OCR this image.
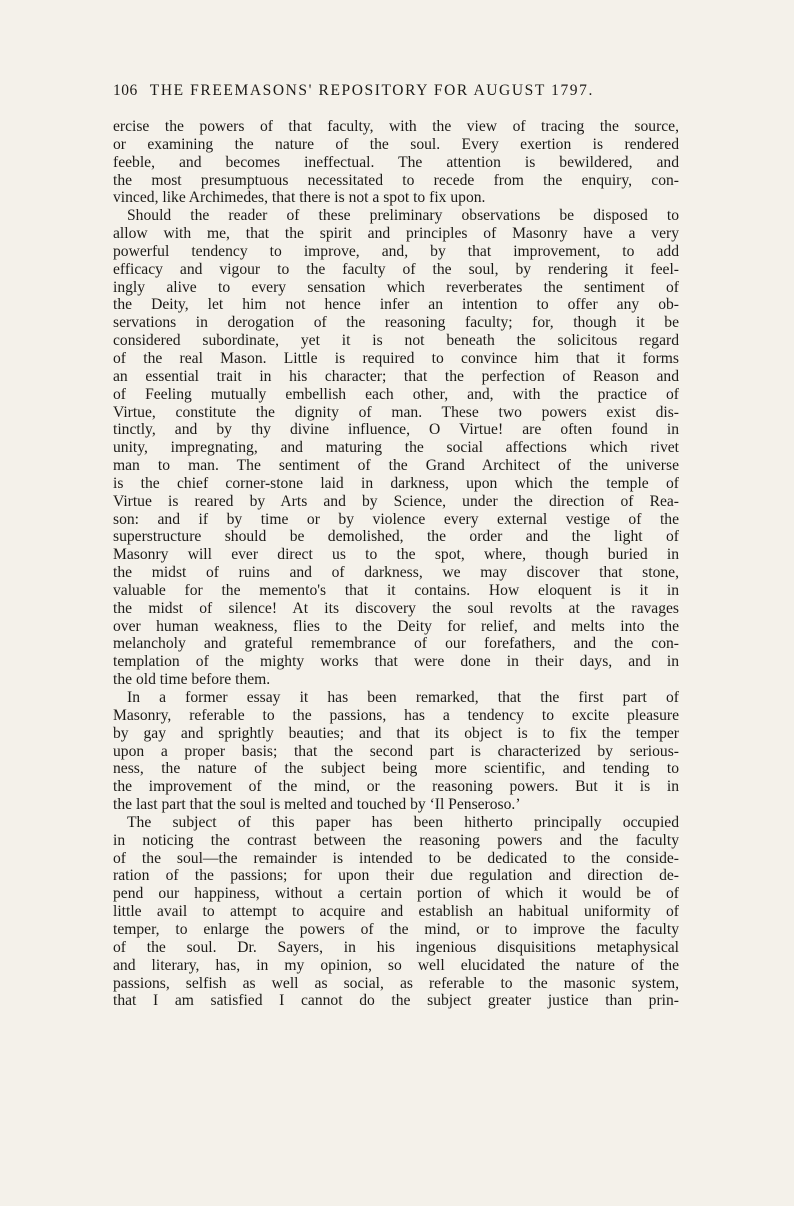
106 THE FREEMASONS' REPOSITORY FOR AUGUST 1797.
ercise the powers of that faculty, with the view of tracing the source,
or examining the nature of the soul. Every exertion is rendered
feeble, and becomes ineffectual. The attention is bewildered, and
the most presumptuous necessitated to recede from the enquiry, con-
vinced, like Archimedes, that there is not a spot to fix upon.
Should the reader of these preliminary observations be disposed to
allow with me, that the spirit and principles of Masonry have a very
powerful tendency to improve, and, by that improvement, to add
efficacy and vigour to the faculty of the soul, by rendering it feel-
ingly alive to every sensation which reverberates the sentiment of
the Deity, let him not hence infer an intention to offer any ob-
servations in derogation of the reasoning faculty; for, though it be
considered subordinate, yet it is not beneath the solicitous regard
of the real Mason. Little is required to convince him that it forms
an essential trait in his character; that the perfection of Reason and
of Feeling mutually embellish each other, and, with the practice of
Virtue, constitute the dignity of man. These two powers exist dis-
tinctly, and by thy divine influence, O Virtue! are often found in
unity, impregnating, and maturing the social affections which rivet
man to man. The sentiment of the Grand Architect of the universe
is the chief corner-stone laid in darkness, upon which the temple of
Virtue is reared by Arts and by Science, under the direction of Rea-
son: and if by time or by violence every external vestige of the
superstructure should be demolished, the order and the light of
Masonry will ever direct us to the spot, where, though buried in
the midst of ruins and of darkness, we may discover that stone,
valuable for the memento's that it contains. How eloquent is it in
the midst of silence! At its discovery the soul revolts at the ravages
over human weakness, flies to the Deity for relief, and melts into the
melancholy and grateful remembrance of our forefathers, and the con-
templation of the mighty works that were done in their days, and in
the old time before them.
In a former essay it has been remarked, that the first part of
Masonry, referable to the passions, has a tendency to excite pleasure
by gay and sprightly beauties; and that its object is to fix the temper
upon a proper basis; that the second part is characterized by serious-
ness, the nature of the subject being more scientific, and tending to
the improvement of the mind, or the reasoning powers. But it is in
the last part that the soul is melted and touched by ‘Il Penseroso.’
The subject of this paper has been hitherto principally occupied
in noticing the contrast between the reasoning powers and the faculty
of the soul—the remainder is intended to be dedicated to the conside-
ration of the passions; for upon their due regulation and direction de-
pend our happiness, without a certain portion of which it would be of
little avail to attempt to acquire and establish an habitual uniformity of
temper, to enlarge the powers of the mind, or to improve the faculty
of the soul. Dr. Sayers, in his ingenious disquisitions metaphysical
and literary, has, in my opinion, so well elucidated the nature of the
passions, selfish as well as social, as referable to the masonic system,
that I am satisfied I cannot do the subject greater justice than prin-
